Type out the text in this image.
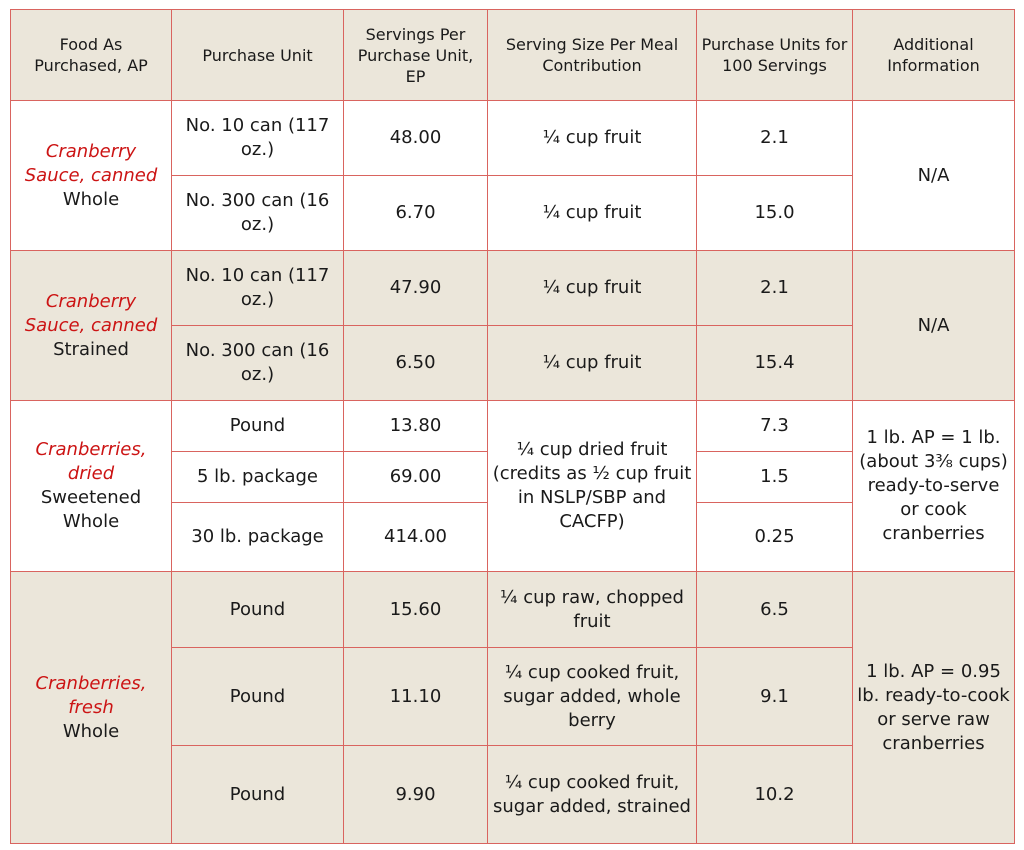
Food As Purchased, AP	Purchase Unit	Servings Per Purchase Unit, EP	Serving Size Per Meal Contribution	Purchase Units for 100 Servings	Additional Information

Cranberry Sauce, canned
Whole	No. 10 can (117 oz.)	48.00	¼ cup fruit	2.1	N/A
	No. 300 can (16 oz.)	6.70	¼ cup fruit	15.0	

Cranberry Sauce, canned
Strained	No. 10 can (117 oz.)	47.90	¼ cup fruit	2.1	N/A
	No. 300 can (16 oz.)	6.50	¼ cup fruit	15.4	

Cranberries, dried
Sweetened Whole	Pound	13.80	¼ cup dried fruit (credits as ½ cup fruit in NSLP/SBP and CACFP)	7.3	1 lb. AP = 1 lb. (about 3⅜ cups) ready-to-serve or cook cranberries
	5 lb. package	69.00		1.5	
	30 lb. package	414.00		0.25	

Cranberries, fresh
Whole	Pound	15.60	¼ cup raw, chopped fruit	6.5	1 lb. AP = 0.95 lb. ready-to-cook or serve raw cranberries
	Pound	11.10	¼ cup cooked fruit, sugar added, whole berry	9.1	
	Pound	9.90	¼ cup cooked fruit, sugar added, strained	10.2	
